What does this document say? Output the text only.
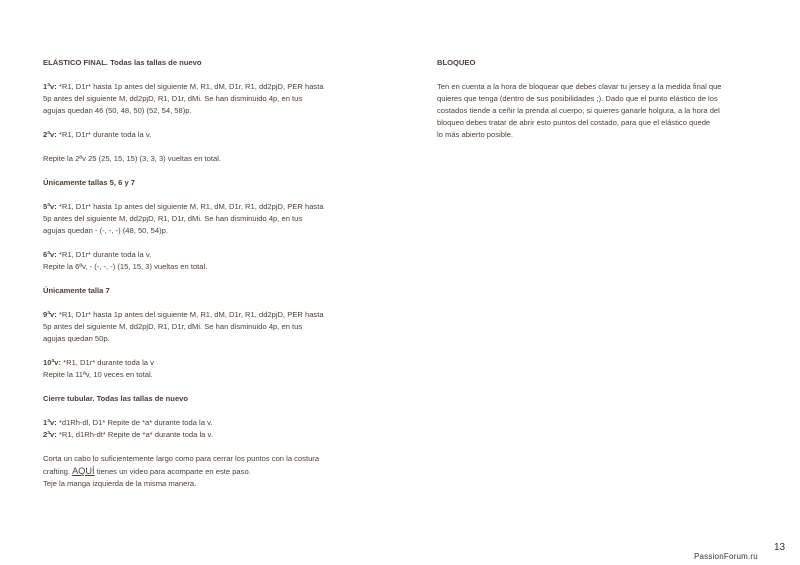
ELÁSTICO FINAL. Todas las tallas de nuevo

1ªv: *R1, D1r* hasta 1p antes del siguiente M, R1, dM, D1r, R1, dd2pjD, PER hasta

5p antes del siguiente M, dd2pjD, R1, D1r, dMi. Se han disminuido 4p, en tus

agujas quedan 46 (50, 48, 50) (52, 54, 58)p.

2ªv: *R1, D1r* durante toda la v.

Repite la 2ªv 25 (25, 15, 15) (3, 3, 3) vueltas en total.

Únicamente tallas 5, 6 y 7

5ªv: *R1, D1r* hasta 1p antes del siguiente M, R1, dM, D1r, R1, dd2pjD, PER hasta

5p antes del siguiente M, dd2pjD, R1, D1r, dMi. Se han disminuido 4p, en tus

agujas quedan - (-, -, -) (48, 50, 54)p.

6ªv: *R1, D1r* durante toda la v.

Repite la 6ªv, - (-, -, -) (15, 15, 3) vueltas en total.

Únicamente talla 7

9ªv: *R1, D1r* hasta 1p antes del siguiente M, R1, dM, D1r, R1, dd2pjD, PER hasta

5p antes del siguiente M, dd2pjD, R1, D1r, dMi. Se han disminuido 4p, en tus

agujas quedan 50p.

10ªv: *R1, D1r* durante toda la v

Repite la 11ªv, 10 veces en total.

Cierre tubular. Todas las tallas de nuevo

1ªv: *d1Rh-dl, D1* Repite de *a* durante toda la v.

2ªv: *R1, d1Rh-dt* Repite de *a* durante toda la v.

Corta un cabo lo suficientemente largo como para cerrar los puntos con la costura

crafting. AQUÍ tienes un video para acomparte en este paso.

Teje la manga izquierda de la misma manera.

BLOQUEO

Ten en cuenta a la hora de bloquear que debes clavar tu jersey a la medida final que

quieres que tenga (dentro de sus posibilidades ;). Dado que el punto elástico de los

costados tiende a ceñir la prenda al cuerpo, si quieres ganarle holgura, a la hora del

bloqueo debes tratar de abrir esto puntos del costado, para que el elástico quede

lo más abierto posible.

13
PassionForum.ru
